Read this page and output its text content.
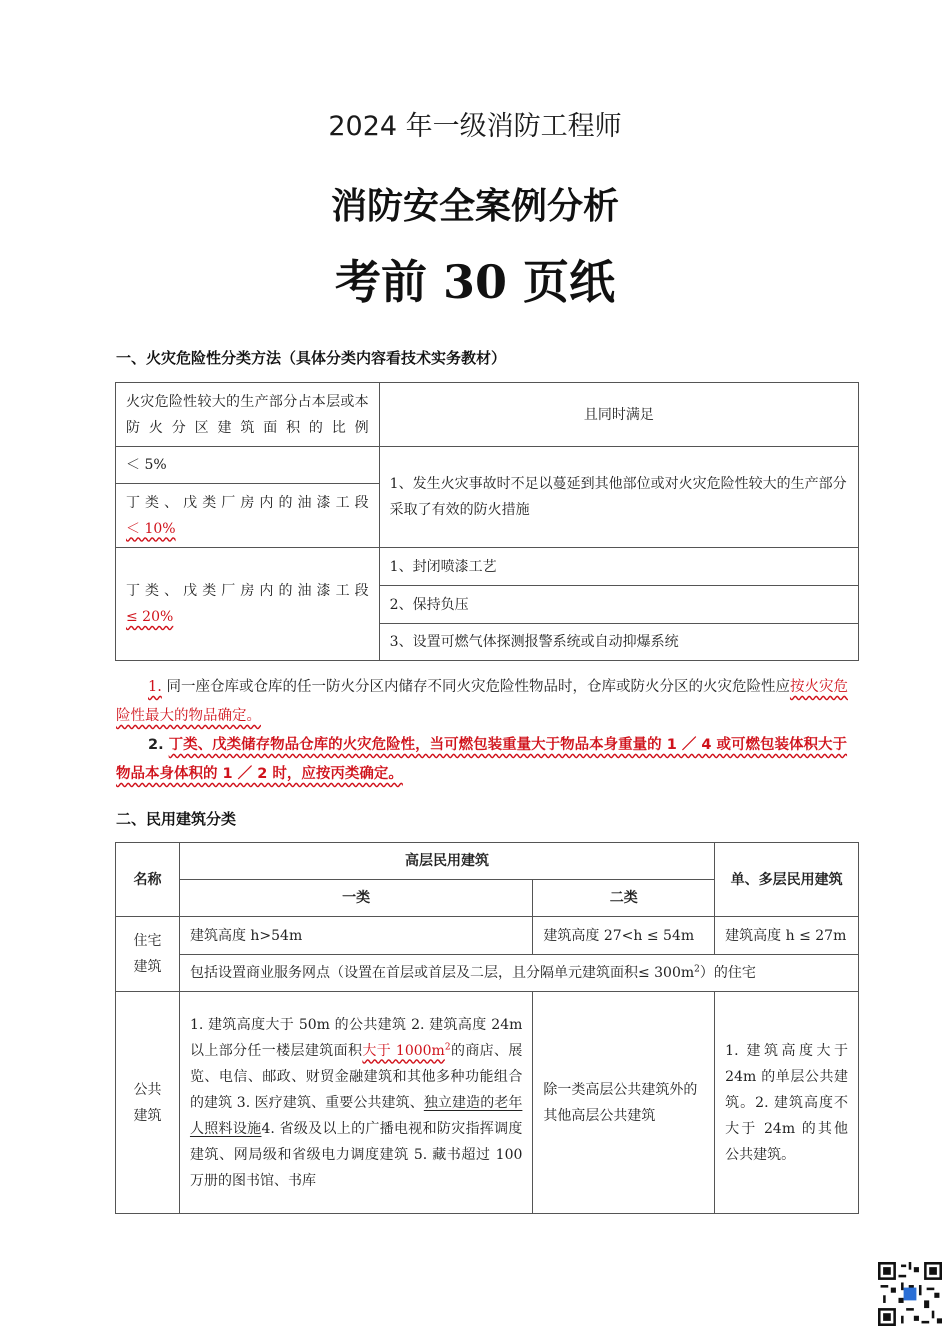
2024 年一级消防工程师
消防安全案例分析
考前 30 页纸
一、火灾危险性分类方法（具体分类内容看技术实务教材）
火灾危险性较大的生产部分占本层或本防火分区建筑面积的比例	且同时满足
＜ 5%	1、发生火灾事故时不足以蔓延到其他部位或对火灾危险性较大的生产部分采取了有效的防火措施

丁类、戊类厂房内的油漆工段
＜ 10%	

丁类、戊类厂房内的油漆工段
≤ 20%	1、封闭喷漆工艺
	2、保持负压
	3、设置可燃气体探测报警系统或自动抑爆系统

1. 同一座仓库或仓库的任一防火分区内储存不同火灾危险性物品时，仓库或防火分区的火灾危险性应按火灾危险性最大的物品确定。

2. 丁类、戊类储存物品仓库的火灾危险性，当可燃包装重量大于物品本身重量的 1 ／ 4 或可燃包装体积大于物品本身体积的 1 ／ 2 时，应按丙类确定。

二、民用建筑分类
名称	高层民用建筑		单、多层民用建筑
	一类	二类	
住宅建筑	建筑高度 h>54m	建筑高度 27<h ≤ 54m	建筑高度 h ≤ 27m
	包括设置商业服务网点（设置在首层或首层及二层，且分隔单元建筑面积≤ $300m^2$）的住宅		
公共建筑	1. 建筑高度大于 50m 的公共建筑 2. 建筑高度 24m 以上部分任一楼层建筑面积大于 $1000m^2$的商店、展览、电信、邮政、财贸金融建筑和其他多种功能组合的建筑 3. 医疗建筑、重要公共建筑、独立建造的老年人照料设施4. 省级及以上的广播电视和防灾指挥调度建筑、网局级和省级电力调度建筑 5. 藏书超过 100 万册的图书馆、书库	除一类高层公共建筑外的其他高层公共建筑	1. 建筑高度大于 24m 的单层公共建筑。2. 建筑高度不大于 24m 的其他公共建筑。
